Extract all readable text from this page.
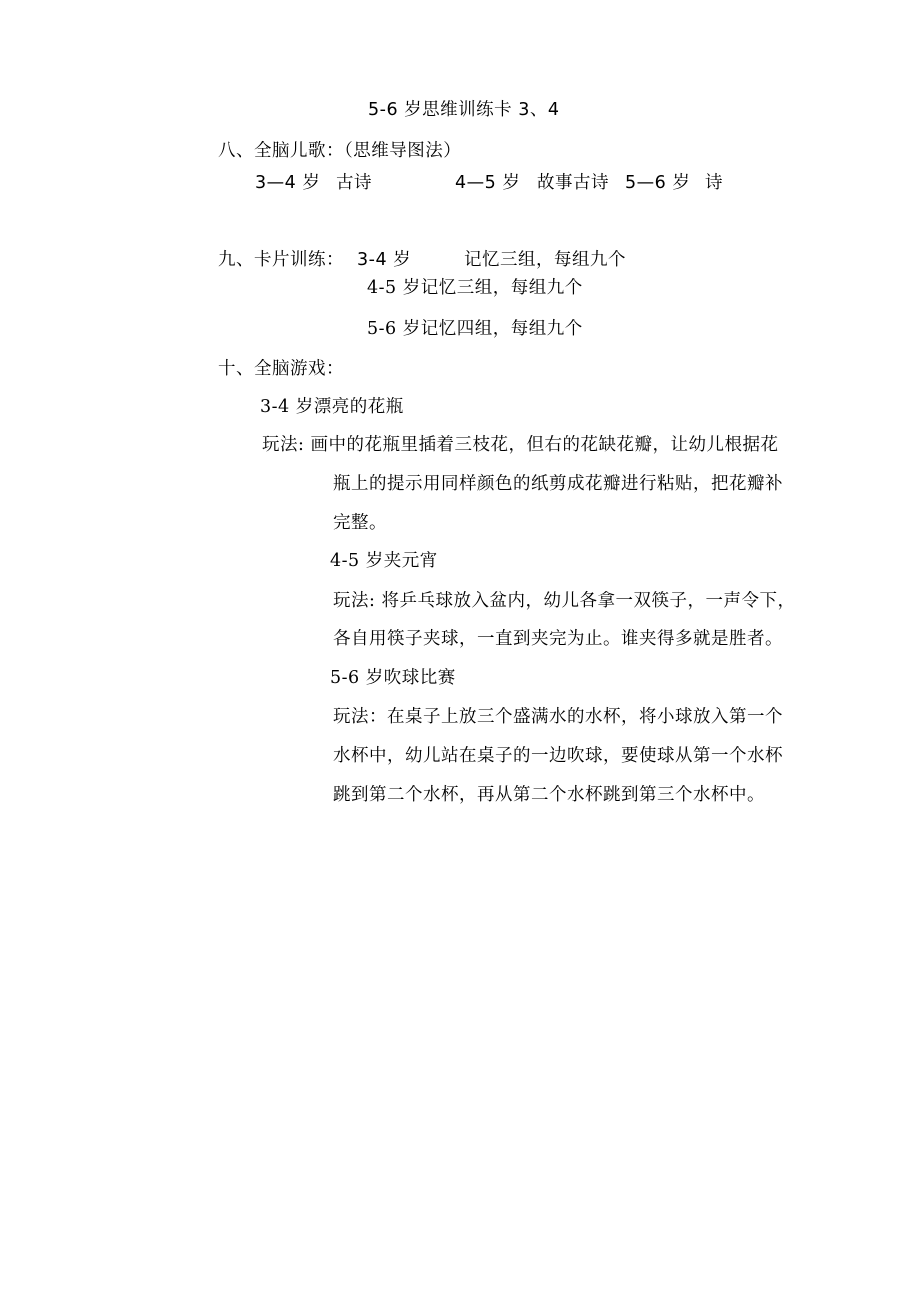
5-6 岁思维训练卡 3、4
八、全脑儿歌：（思维导图法）
3—4 岁 古诗	4—5 岁 故事古诗 5—6 岁 诗
九、卡片训练： 3-4 岁	记忆三组，每组九个
4-5 岁记忆三组，每组九个
5-6 岁记忆四组，每组九个
十、全脑游戏：
3-4 岁漂亮的花瓶
玩法: 画中的花瓶里插着三枝花，但右的花缺花瓣，让幼儿根据花
瓶上的提示用同样颜色的纸剪成花瓣进行粘贴，把花瓣补
完整。
4-5 岁夹元宵
玩法: 将乒乓球放入盆内，幼儿各拿一双筷子，一声令下，
各自用筷子夹球，一直到夹完为止。谁夹得多就是胜者。
5-6 岁吹球比赛
玩法：在桌子上放三个盛满水的水杯，将小球放入第一个
水杯中，幼儿站在桌子的一边吹球，要使球从第一个水杯
跳到第二个水杯，再从第二个水杯跳到第三个水杯中。
